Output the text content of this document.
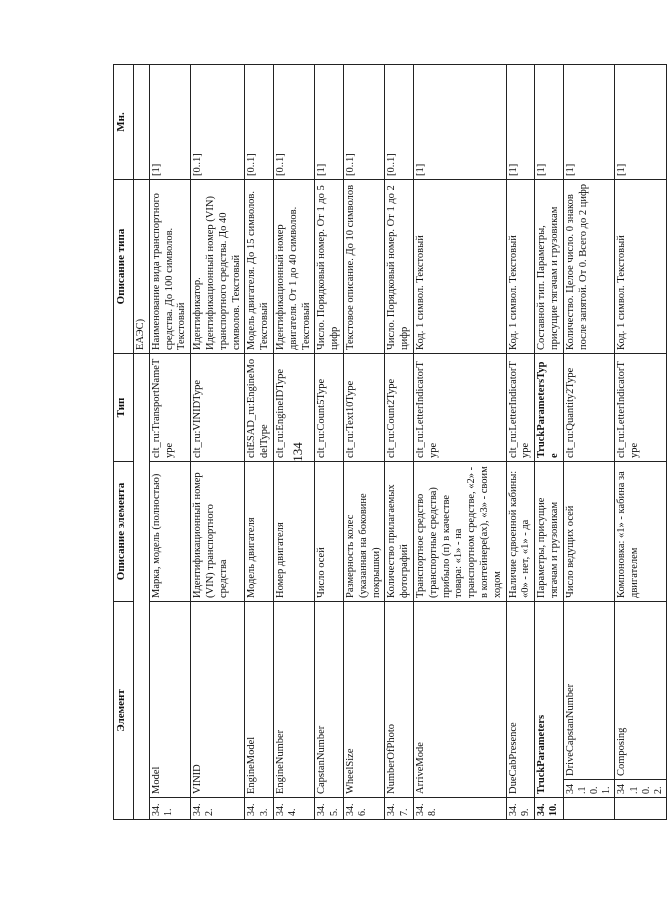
134
Элемент			Описание элемента	Тип	Описание типа	Мн.
					ЕАЭС)	
34.1.	Model		Марка, модель (полностью)	clt_ru:TransportNameType	Наименование вида транспортного средства. До 100 символов. Текстовый	[1]
34.2.	VINID		Идентификационный номер (VIN) транспортного средства	clt_ru:VINIDType	Идентификатор. Идентификационный номер (VIN) транспортного средства. До 40 символов. Текстовый	[0..1]
34.3.	EngineModel		Модель двигателя	cltESAD_ru:EngineModelType	Модель двигателя. До 15 символов. Текстовый	[0..1]
34.4.	EngineNumber		Номер двигателя	clt_ru:EngineIDType	Идентификационный номер двигателя. От 1 до 40 символов. Текстовый	[0..1]
34.5.	CapstanNumber		Число осей	clt_ru:Count5Type	Число. Порядковый номер. От 1 до 5 цифр	[1]
34.6.	WheelSize		Размерность колес (указанная на боковине покрышки)	clt_ru:Text10Type	Текстовое описание. До 10 символов	[0..1]
34.7.	NumberOfPhoto		Количество прилагаемых фотографий	clt_ru:Count2Type	Число. Порядковый номер. От 1 до 2 цифр	[0..1]
34.8.	ArriveMode		Транспортное средство (транспортные средства) прибыло (п) в качестве товара: «1» - на транспортном средстве, «2» - в контейнере(ах), «3» - своим ходом	clt_ru:LetterIndicatorType	Код. 1 символ. Текстовый	[1]
34.9.	DueCabPresence		Наличие сдвоенной кабины: «0» - нет, «1» - да	clt_ru:LetterIndicatorType	Код. 1 символ. Текстовый	[1]
34.10.	TruckParameters		Параметры, присущие тягачам и грузовикам	TruckParametersType	Составной тип. Параметры, присущие тягачам и грузовикам	[1]
	34.10.1.	DriveCapstanNumber	Число ведущих осей	clt_ru:Quantity2Type	Количество. Целое число. 0 знаков после запятой. От 0. Всего до 2 цифр	[1]
	34.10.2.	Composing	Компоновка: «1» - кабина за двигателем	clt_ru:LetterIndicatorType	Код. 1 символ. Текстовый	[1]
